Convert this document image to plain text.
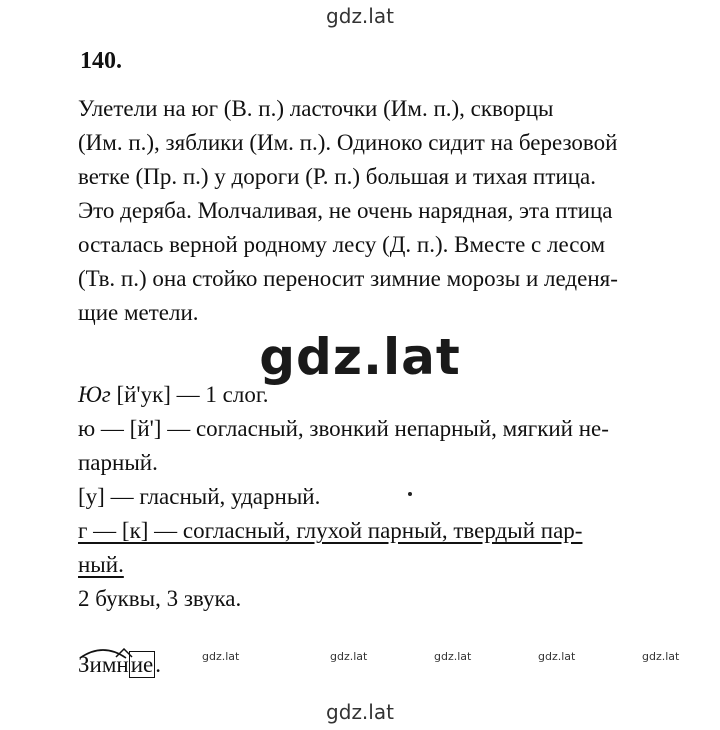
gdz.lat
140.
Улетели на юг (В. п.) ласточки (Им. п.), скворцы
(Им. п.), зяблики (Им. п.). Одиноко сидит на березовой
ветке (Пр. п.) у дороги (Р. п.) большая и тихая птица.
Это деряба. Молчаливая, не очень нарядная, эта птица
осталась верной родному лесу (Д. п.). Вместе с лесом
(Тв. п.) она стойко переносит зимние морозы и леденя-
щие метели.
gdz.lat
Юг [й'ук] — 1 слог.
ю — [й'] — согласный, звонкий непарный, мягкий не-
парный.
[у] — гласный, ударный.
г — [к] — согласный, глухой парный, твердый пар-
ный.
2 буквы, 3 звука.
Зим
ние.	gdz.lat	gdz.lat	gdz.lat	gdz.lat	gdz.lat
gdz.lat
